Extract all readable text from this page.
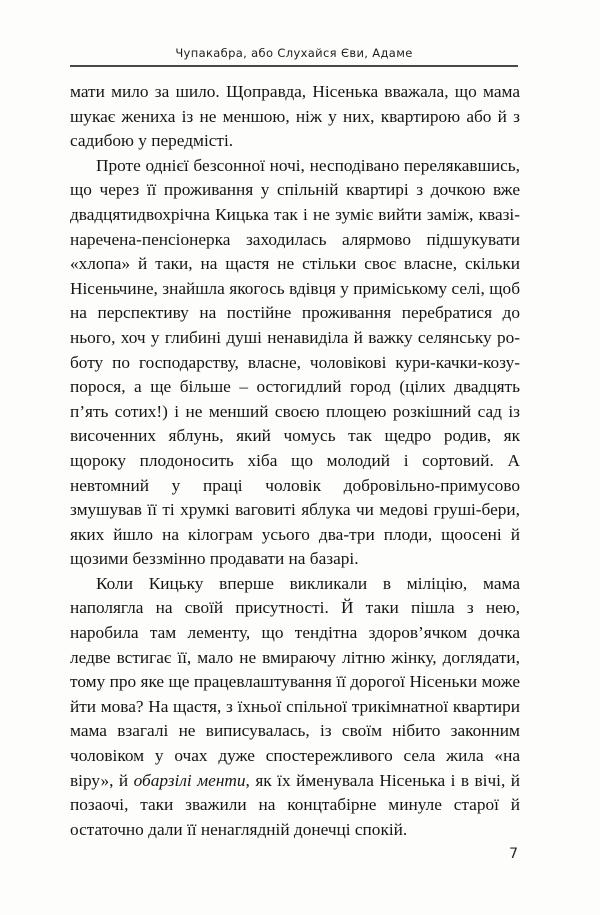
Чупакабра, або Слухайся Єви, Адаме

мати мило за шило. Щоправда, Нісенька вважала, що мама шукає жениха із не меншою, ніж у них, квартирою або й з садибою у передмісті.

Проте однієї безсонної ночі, несподівано перелякавшись, що через її проживання у спільній квартирі з дочкою вже двадцятидвохрічна Кицька так і не зуміє вийти заміж, квазі-наречена-пенсіонерка заходилась алярмово підшукувати «хлопа» й таки, на щастя не стільки своє власне, скільки Нісеньчине, знайшла якогось вдівця у приміському селі, щоб на перспективу на постійне проживання перебратися до нього, хоч у глибині душі ненавиділа й важку селянську роботу по господарству, власне, чоловікові кури-качки-козу-порося, а ще більше – остогидлий город (цілих двадцять п’ять сотих!) і не менший своєю площею розкішний сад із височенних яблунь, який чомусь так щедро родив, як щороку плодоносить хіба що молодий і сортовий. А невтомний у праці чоловік добровільно-примусово змушував її ті хрумкі ваговиті яблука чи медові груші-бери, яких йшло на кілограм усього два-три плоди, щоосені й щозими беззмінно продавати на базарі.

Коли Кицьку вперше викликали в міліцію, мама наполягла на своїй присутності. Й таки пішла з нею, наробила там лементу, що тендітна здоров’ячком дочка ледве встигає її, мало не вмираючу літню жінку, доглядати, тому про яке ще працевлаштування її дорогої Нісеньки може йти мова? На щастя, з їхньої спільної трикімнатної квартири мама взагалі не виписувалась, із своїм нібито законним чоловіком у очах дуже спостережливого села жила «на віру», й обарзілі менти, як їх йменувала Нісенька і в вічі, й позаочі, таки зважили на концтабірне минуле старої й остаточно дали її ненаглядній донечці спокій.

7
